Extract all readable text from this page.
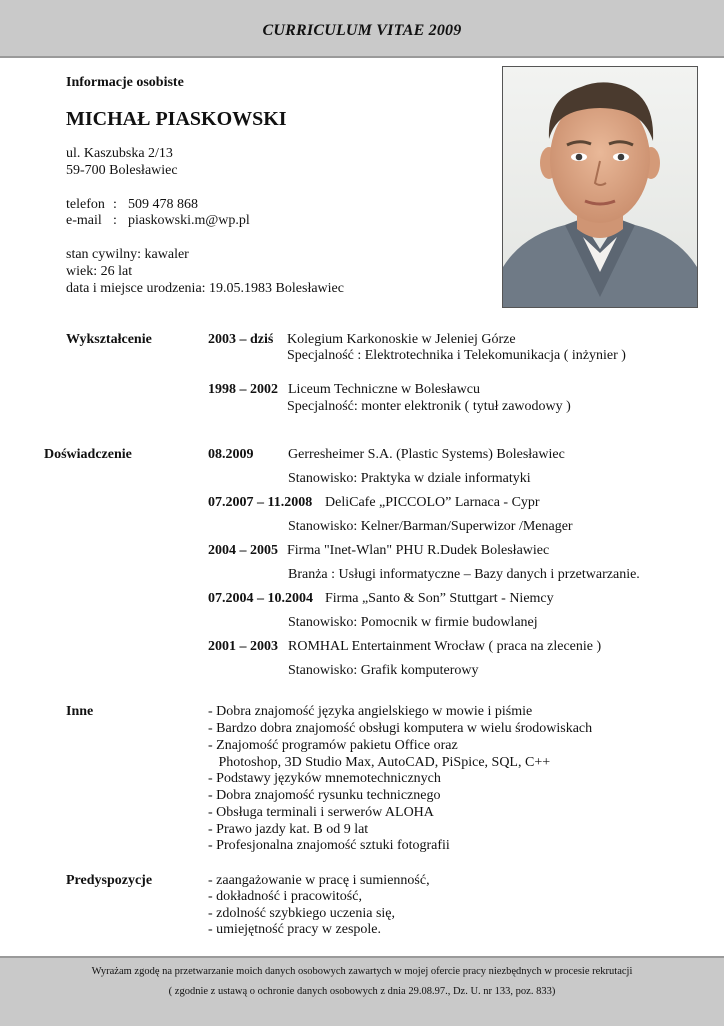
CURRICULUM VITAE 2009
Informacje osobiste
MICHAŁ PIASKOWSKI
ul. Kaszubska 2/13
59-700 Bolesławiec
telefon : 509 478 868
e-mail : piaskowski.m@wp.pl
stan cywilny: kawaler
wiek: 26 lat
data i miejsce urodzenia: 19.05.1983 Bolesławiec
Wykształcenie	2003 – dziś Kolegium Karkonoskie w Jeleniej Górze
Specjalność : Elektrotechnika i Telekomunikacja ( inżynier )
1998 – 2002 Liceum Techniczne w Bolesławcu
Specjalność: monter elektronik ( tytuł zawodowy )
Doświadczenie	08.2009 Gerresheimer S.A. (Plastic Systems) Bolesławiec
Stanowisko: Praktyka w dziale informatyki
07.2007 – 11.2008 DeliCafe „PICCOLO” Larnaca - Cypr
Stanowisko: Kelner/Barman/Superwizor /Menager
2004 – 2005 Firma "Inet-Wlan" PHU R.Dudek Bolesławiec
Branża : Usługi informatyczne – Bazy danych i przetwarzanie.
07.2004 – 10.2004 Firma „Santo & Son” Stuttgart - Niemcy
Stanowisko: Pomocnik w firmie budowlanej
2001 – 2003 ROMHAL Entertainment Wrocław ( praca na zlecenie )
Stanowisko: Grafik komputerowy
Inne	- Dobra znajomość języka angielskiego w mowie i piśmie
- Bardzo dobra znajomość obsługi komputera w wielu środowiskach
- Znajomość programów pakietu Office oraz
Photoshop, 3D Studio Max, AutoCAD, PiSpice, SQL, C++
- Podstawy języków mnemotechnicznych
- Dobra znajomość rysunku technicznego
- Obsługa terminali i serwerów ALOHA
- Prawo jazdy kat. B od 9 lat
- Profesjonalna znajomość sztuki fotografii
Predyspozycje	- zaangażowanie w pracę i sumienność,
- dokładność i pracowitość,
- zdolność szybkiego uczenia się,
- umiejętność pracy w zespole.
Wyrażam zgodę na przetwarzanie moich danych osobowych zawartych w mojej ofercie pracy niezbędnych w procesie rekrutacji
( zgodnie z ustawą o ochronie danych osobowych z dnia 29.08.97., Dz. U. nr 133, poz. 833)
